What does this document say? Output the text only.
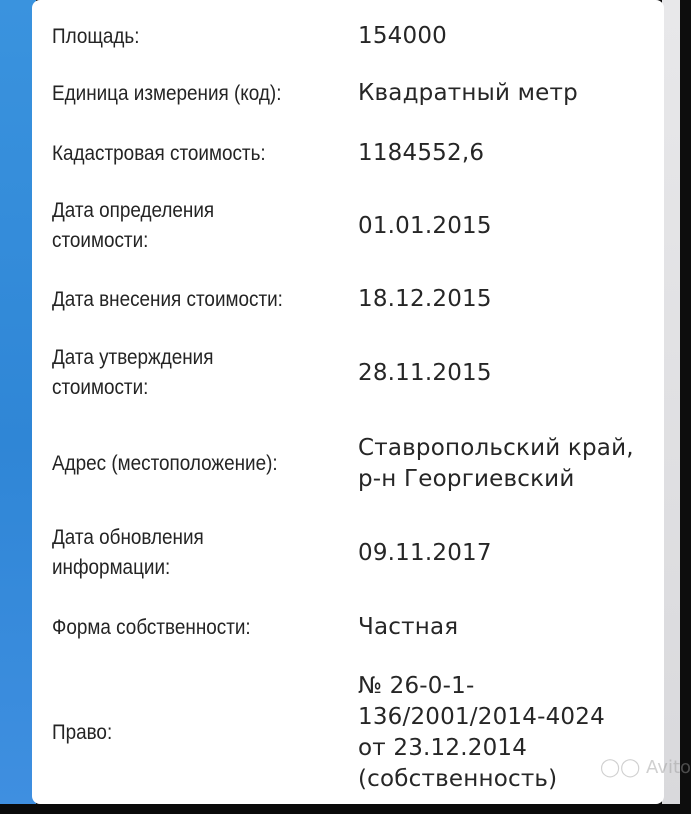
Площадь:	154000
Единица измерения (код):	Квадратный метр
Кадастровая стоимость:	1184552,6
Дата определения
стоимости:
01.01.2015
Дата внесения стоимости:	18.12.2015
Дата утверждения
стоимости:
28.11.2015
Адрес (местоположение):
Ставропольский край,
р-н Георгиевский
Дата обновления
информации:
09.11.2017
Форма собственности:	Частная
Право:
№ 26-0-1-
136/2001/2014-4024
от 23.12.2014
(собственность)	◯◯ Avito
